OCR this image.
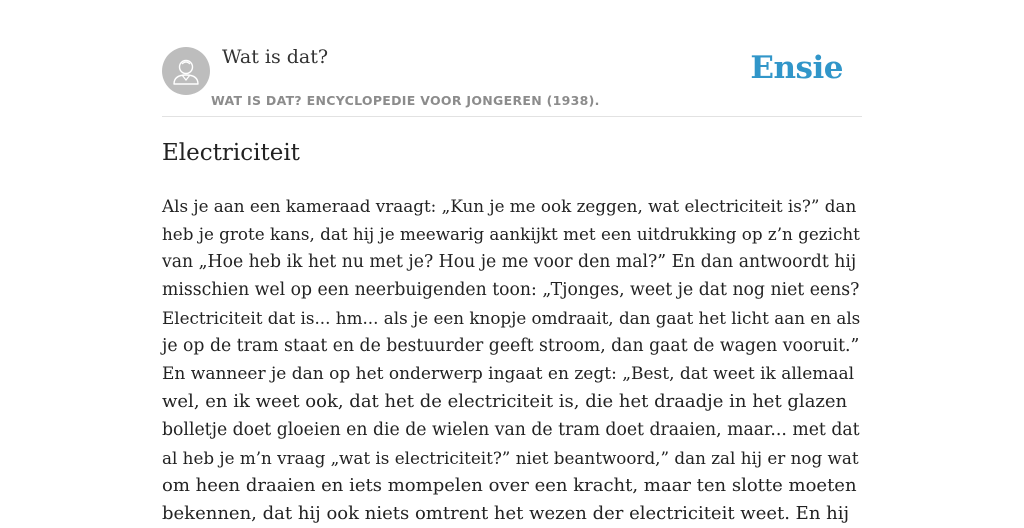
Wat is dat?

WAT IS DAT? ENCYCLOPEDIE VOOR JONGEREN (1938).

Ensie
Electriciteit
Als je aan een kameraad vraagt: „Kun je me ook zeggen, wat electriciteit is?” dan
heb je grote kans, dat hij je meewarig aankijkt met een uitdrukking op z’n gezicht
van „Hoe heb ik het nu met je? Hou je me voor den mal?” En dan antwoordt hij
misschien wel op een neerbuigenden toon: „Tjonges, weet je dat nog niet eens?
Electriciteit dat is... hm... als je een knopje omdraait, dan gaat het licht aan en als
je op de tram staat en de bestuurder geeft stroom, dan gaat de wagen vooruit.”
En wanneer je dan op het onderwerp ingaat en zegt: „Best, dat weet ik allemaal
wel, en ik weet ook, dat het de electriciteit is, die het draadje in het glazen
bolletje doet gloeien en die de wielen van de tram doet draaien, maar... met dat
al heb je m’n vraag „wat is electriciteit?” niet beantwoord,” dan zal hij er nog wat
om heen draaien en iets mompelen over een kracht, maar ten slotte moeten
bekennen, dat hij ook niets omtrent het wezen der electriciteit weet. En hij
